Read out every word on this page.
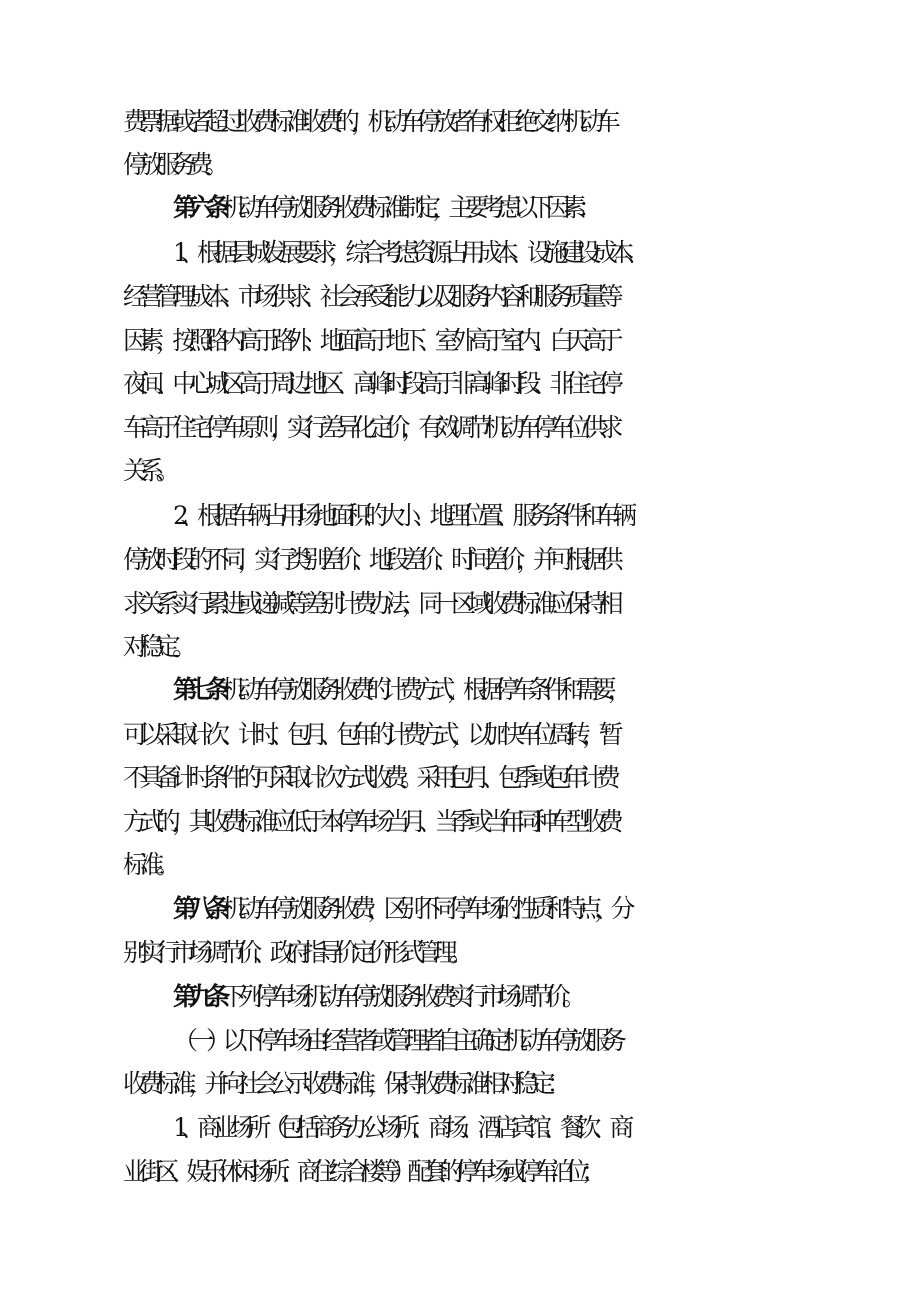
费票据或者超过收费标准收费的，机动车停放者有权拒绝交纳机动车
停放服务费。
第六条机动车停放服务收费标准制定，主要考虑以下因素：
1、根据县城发展要求，综合考虑资源占用成本、设施建设成本、
经营管理成本、市场供求、社会承受能力以及服务内容和服务质量等
因素，按照路内高于路外、地面高于地下、室外高于室内、白天高于
夜间、中心城区高于周边地区、高峰时段高于非高峰时段、非住宅停
车高于住宅停车原则，实行差异化定价，有效调节机动车停车位供求
关系。
2、根据车辆占用场地面积的大小、地理位置、服务条件和车辆
停放时段的不同，实行类别差价、地段差价、时间差价，并可根据供
求关系实行累进或递减等差别计费办法，同一区域收费标准应保持相
对稳定。
第七条机动车停放服务收费的计费方式，根据停车条件和需要，
可以采取计次、计时、包月、包年的计费方式，以加快车位周转，暂
不具备计时条件的可采取计次方式收费。采用包月、包季或包年计费
方式的，其收费标准应低于本停车场当月、当季或当年同种车型收费
标准。
第八条机动车停放服务收费，区别不同停车场的性质和特点，分
别实行市场调节价、政府指导价定价形式管理。
第九条下列停车场机动车停放服务收费实行市场调节价。
（一）以下停车场由经营者或管理者自主确定机动车停放服务
收费标准，并向社会公示收费标准，保持收费标准相对稳定：
1、商业场所（包括商务办公场所、商场、酒店宾馆、餐饮、商
业街区、娱乐休闲场所、商住综合楼等）配套的停车场或停车泊位；
